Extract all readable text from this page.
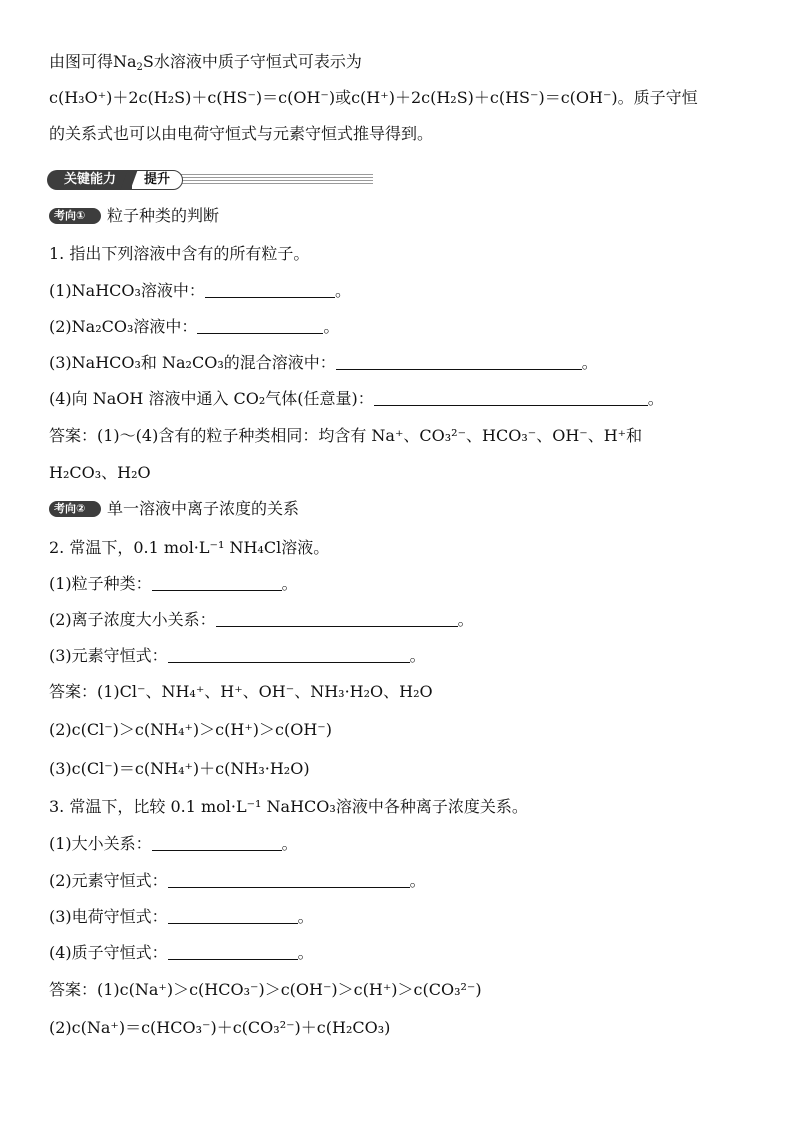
由图可得$Na_2S$水溶液中质子守恒式可表示为
c(H₃O⁺)＋2c(H₂S)＋c(HS⁻)＝c(OH⁻)或c(H⁺)＋2c(H₂S)＋c(HS⁻)＝c(OH⁻)。质子守恒
的关系式也可以由电荷守恒式与元素守恒式推导得到。
关键能力	提升
考向①	粒子种类的判断
1. 指出下列溶液中含有的所有粒子。
(1)NaHCO₃溶液中：	。
(2)Na₂CO₃溶液中：	。
(3)NaHCO₃和 Na₂CO₃的混合溶液中：	。
(4)向 NaOH 溶液中通入 CO₂气体(任意量)：	。
答案：(1)～(4)含有的粒子种类相同：均含有 Na⁺、CO₃²⁻、HCO₃⁻、OH⁻、H⁺和
H₂CO₃、H₂O
考向②	单一溶液中离子浓度的关系
2. 常温下，0.1 mol·L⁻¹ NH₄Cl溶液。
(1)粒子种类：	。
(2)离子浓度大小关系：	。
(3)元素守恒式：	。
答案：(1)Cl⁻、NH₄⁺、H⁺、OH⁻、NH₃·H₂O、H₂O
(2)c(Cl⁻)＞c(NH₄⁺)＞c(H⁺)＞c(OH⁻)
(3)c(Cl⁻)＝c(NH₄⁺)＋c(NH₃·H₂O)
3. 常温下，比较 0.1 mol·L⁻¹ NaHCO₃溶液中各种离子浓度关系。
(1)大小关系：	。
(2)元素守恒式：	。
(3)电荷守恒式：	。
(4)质子守恒式：	。
答案：(1)c(Na⁺)＞c(HCO₃⁻)＞c(OH⁻)＞c(H⁺)＞c(CO₃²⁻)
(2)c(Na⁺)＝c(HCO₃⁻)＋c(CO₃²⁻)＋c(H₂CO₃)
